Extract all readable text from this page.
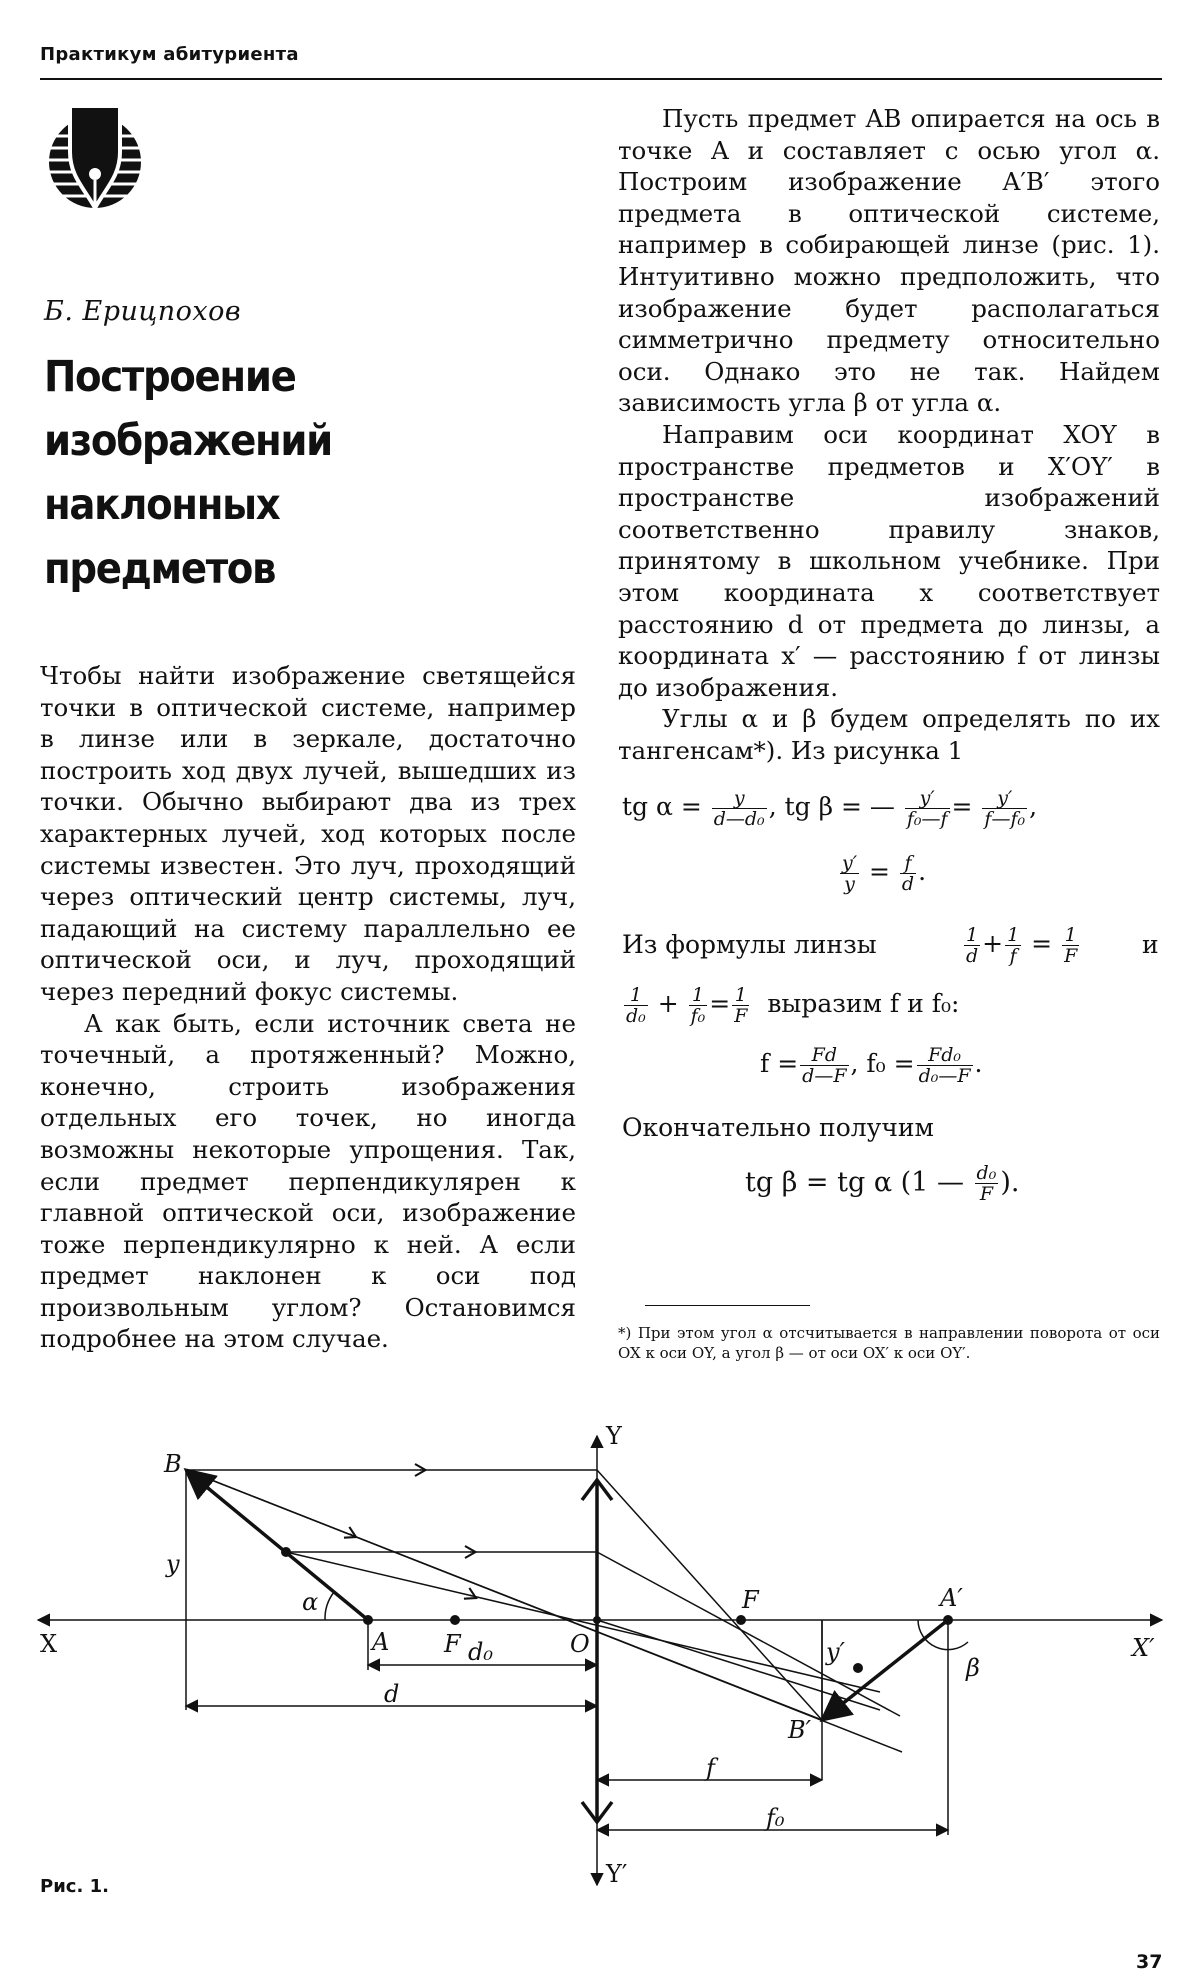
Практикум абитуриента
Б. Ерицпохов
Построение
изображений
наклонных
предметов

Чтобы найти изображение светящейся точки в оптической системе, например в линзе или в зеркале, достаточно построить ход двух лучей, вышедших из точки. Обычно выбирают два из трех характерных лучей, ход которых после системы известен. Это луч, проходящий через оптический центр системы, луч, падающий на систему параллельно ее оптической оси, и луч, проходящий через передний фокус системы.

А как быть, если источник света не точечный, а протяженный? Можно, конечно, строить изображения отдельных его точек, но иногда возможны некоторые упрощения. Так, если предмет перпендикулярен к главной оптической оси, изображение тоже перпендикулярно к ней. А если предмет наклонен к оси под произвольным углом? Остановимся подробнее на этом случае.

Пусть предмет AB опирается на ось в точке A и составляет с осью угол α. Построим изображение A′B′ этого предмета в оптической системе, например в собирающей линзе (рис. 1). Интуитивно можно предположить, что изображение будет располагаться симметрично предмету относительно оси. Однако это не так. Найдем зависимость угла β от угла α.

Направим оси координат XOY в пространстве предметов и X′OY′ в пространстве изображений соответственно правилу знаков, принятому в школьном учебнике. При этом координата x соответствует расстоянию d от предмета до линзы, а координата x′ — расстоянию f от линзы до изображения.

Углы α и β будем определять по их тангенсам*). Из рисунка 1

tg $\alpha = \frac{y}{\text{d—d₀}}$ , tg β = — $\frac{y'}{\text{f₀—f}} = \frac{y'}{\text{f—f₀}}$ ,
$\frac{y'}{y} = \frac{f}{d}$ .
Из формулы линзы	$\frac{1}{d} + \frac{1}{f} = \frac{1}{F}$	и
$\frac{1}{\text{d₀}} + \frac{1}{\text{f₀}} = \frac{1}{F}$ выразим f и f₀:
$f = \frac{Fd}{d—F}$ , $f_0 = \frac{\text{Fd₀}}{\text{d₀—F}}$ .
Окончательно получим
tg β = tg α (1 — $\frac{\text{d₀}}{F}$ ).
*) При этом угол α отсчитывается в направлении поворота от оси OX к оси OY, а угол β — от оси OX′ к оси OY′.
B
y
α
X	A F	O
F	A′
β
X′
y′
B′
d₀
d
f
f₀
Y
Y′
Рис. 1.
37
